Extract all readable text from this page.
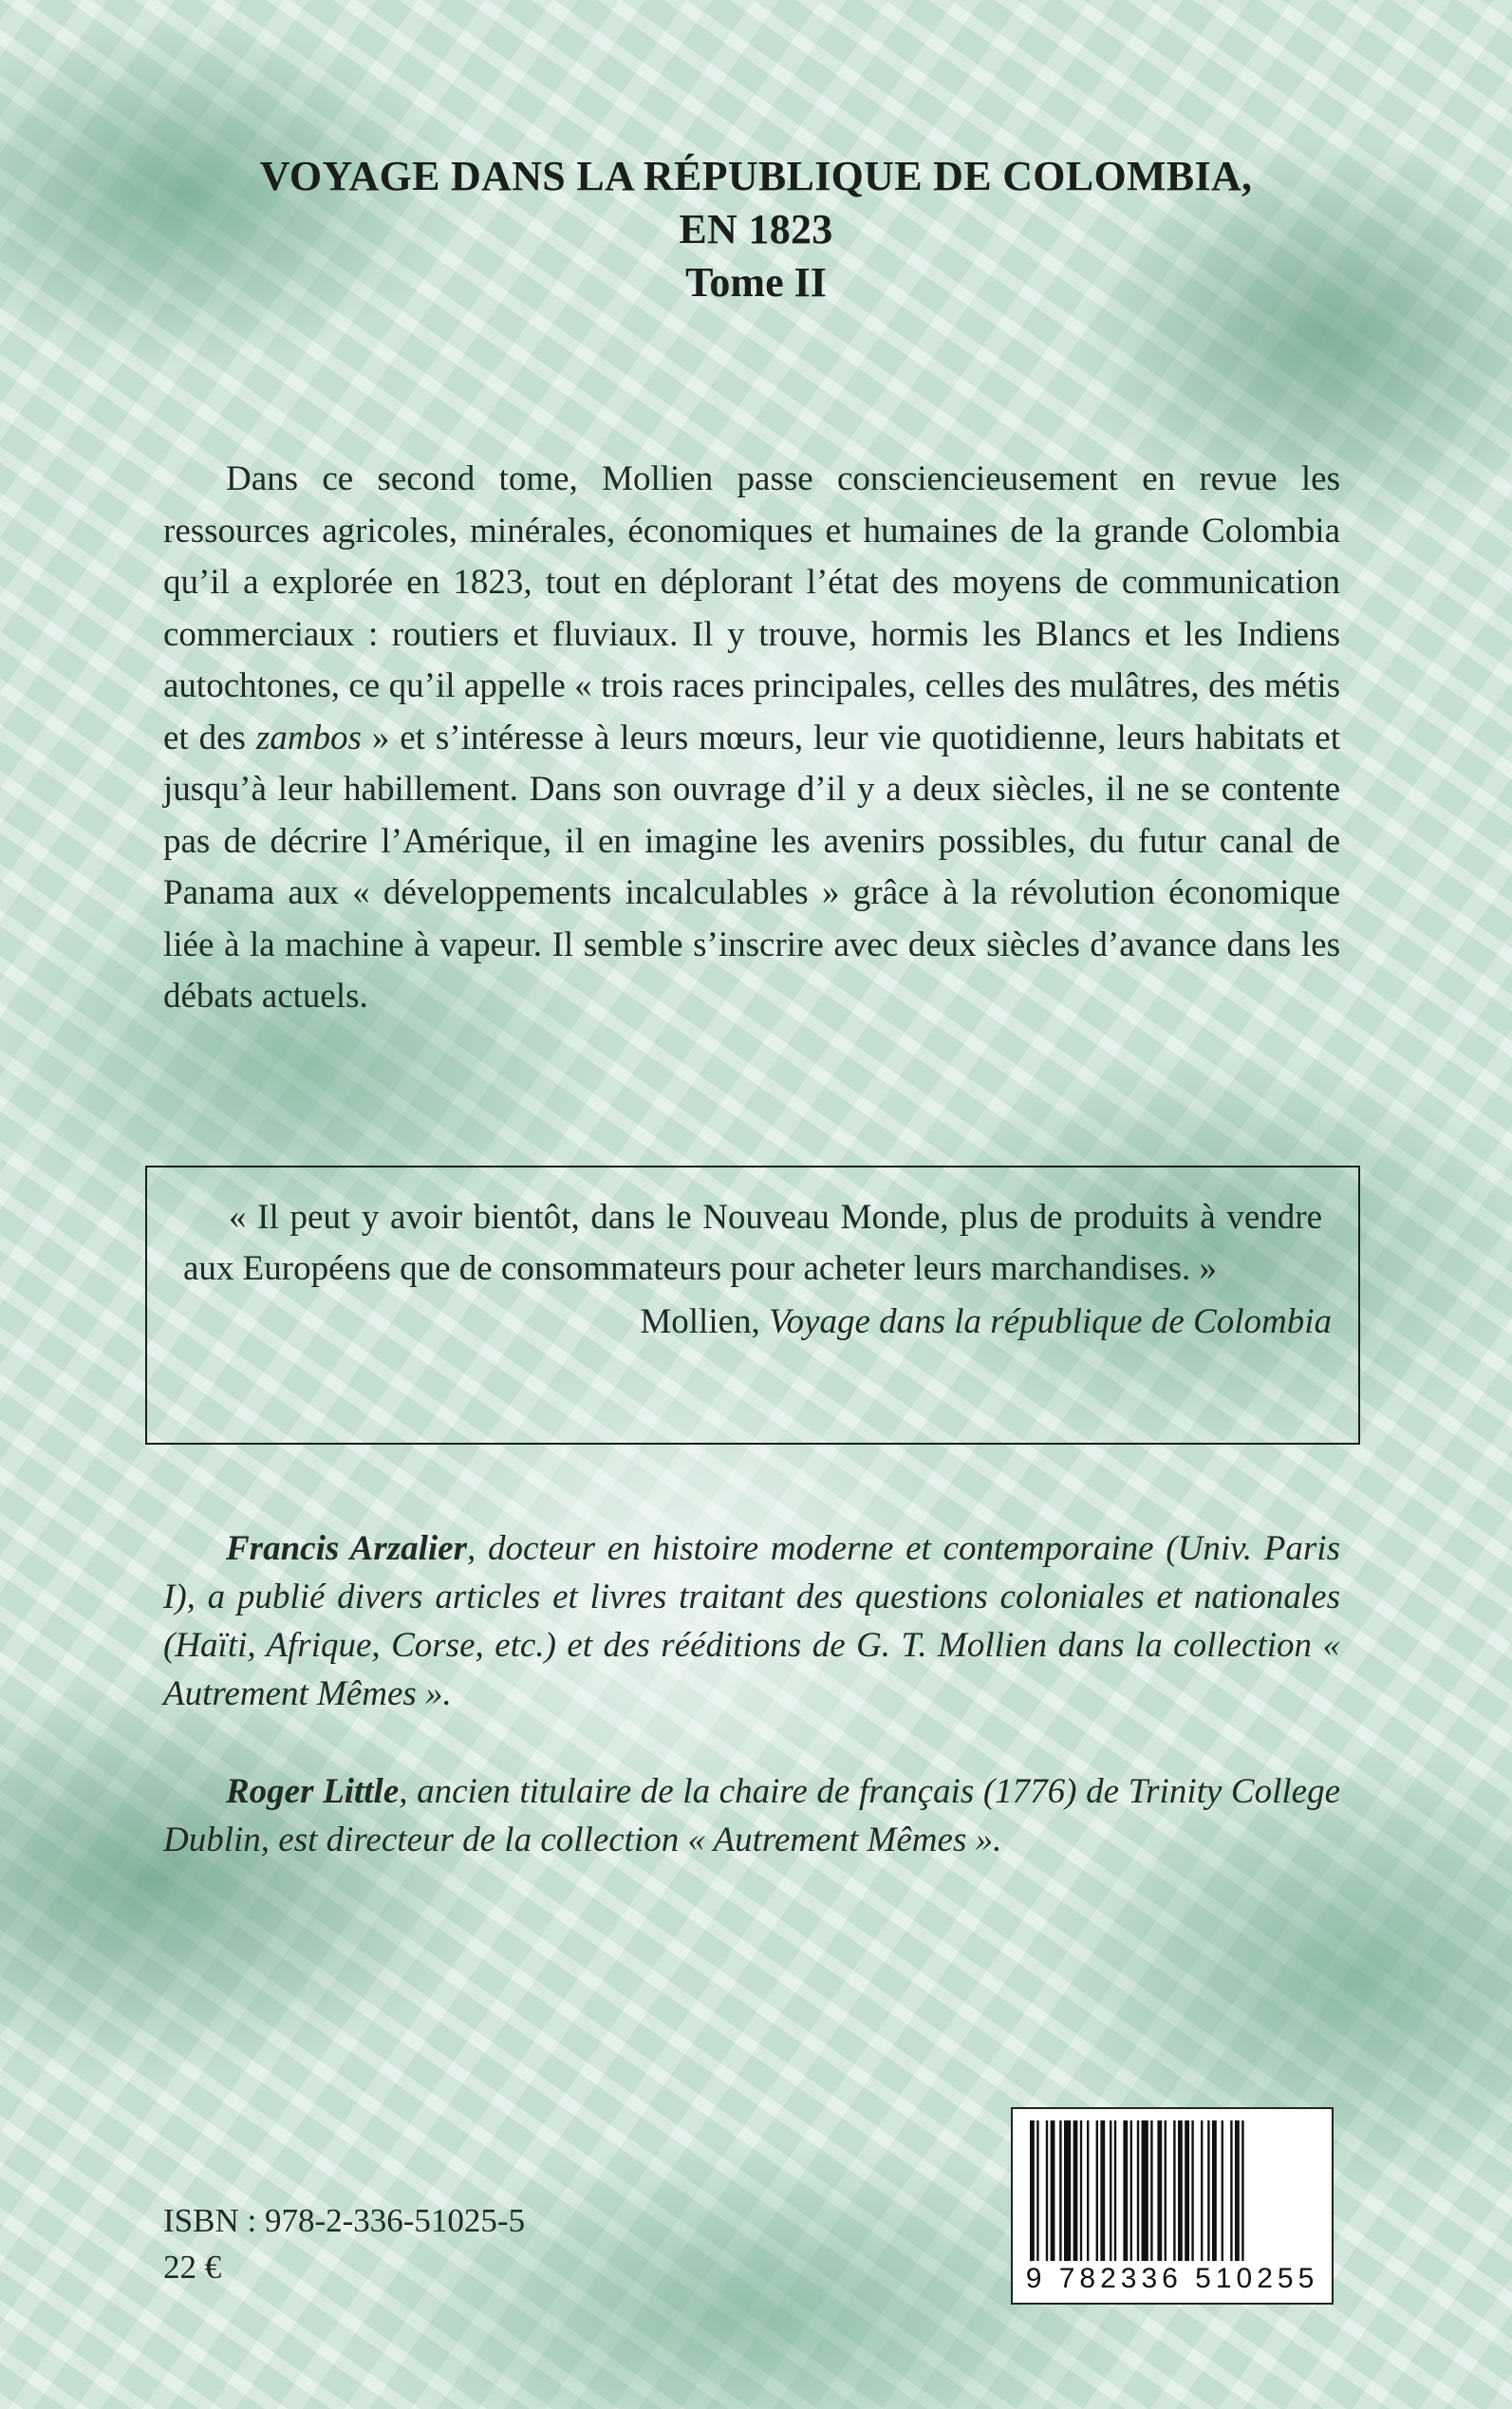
VOYAGE DANS LA RÉPUBLIQUE DE COLOMBIA,
EN 1823
Tome II

Dans ce second tome, Mollien passe consciencieusement en revue les ressources agricoles, minérales, économiques et humaines de la grande Colombia qu’il a explorée en 1823, tout en déplorant l’état des moyens de communication commerciaux : routiers et fluviaux. Il y trouve, hormis les Blancs et les Indiens autochtones, ce qu’il appelle « trois races principales, celles des mulâtres, des métis et des zambos » et s’intéresse à leurs mœurs, leur vie quotidienne, leurs habitats et jusqu’à leur habillement. Dans son ouvrage d’il y a deux siècles, il ne se contente pas de décrire l’Amérique, il en imagine les avenirs possibles, du futur canal de Panama aux « développements incalculables » grâce à la révolution économique liée à la machine à vapeur. Il semble s’inscrire avec deux siècles d’avance dans les débats actuels.

« Il peut y avoir bientôt, dans le Nouveau Monde, plus de produits à vendre aux Européens que de consommateurs pour acheter leurs marchandises. »

Mollien, Voyage dans la république de Colombia

Francis Arzalier, docteur en histoire moderne et contemporaine (Univ. Paris I), a publié divers articles et livres traitant des questions coloniales et nationales (Haïti, Afrique, Corse, etc.) et des rééditions de G. T. Mollien dans la collection « Autrement Mêmes ».

Roger Little, ancien titulaire de la chaire de français (1776) de Trinity College Dublin, est directeur de la collection « Autrement Mêmes ».

ISBN : 978-2-336-51025-5
22 €	9 782336 510255
